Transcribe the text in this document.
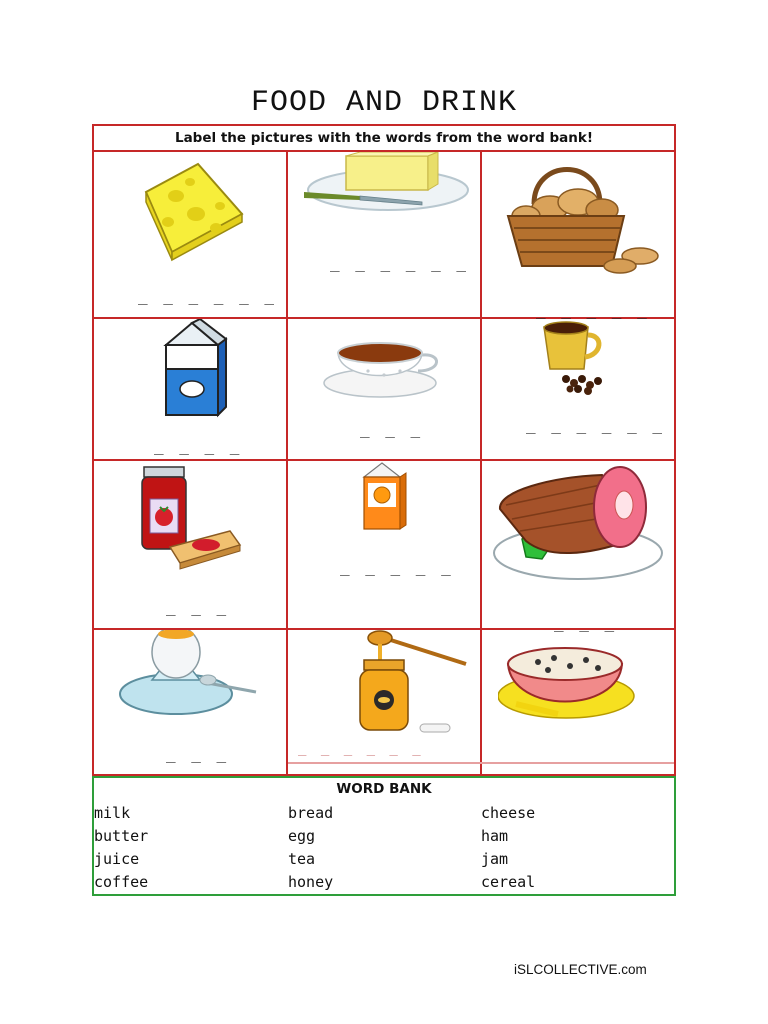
FOOD AND DRINK
Label the pictures with the words from the word bank!
_ _ _ _ _ _
_ _ _ _ _ _
_ _ _ _ _
_ _ _ _
_ _ _	_ _ _ _ _ _
_ _ _
_ _ _ _ _
_ _ _
_ _ _	_ _ _ _ _ _
_ _ _ _ _ _
WORD BANK
milk
butter
juice
coffee
bread
egg
tea
honey
cheese
ham
jam
cereal
iSLCOLLECTIVE.com
